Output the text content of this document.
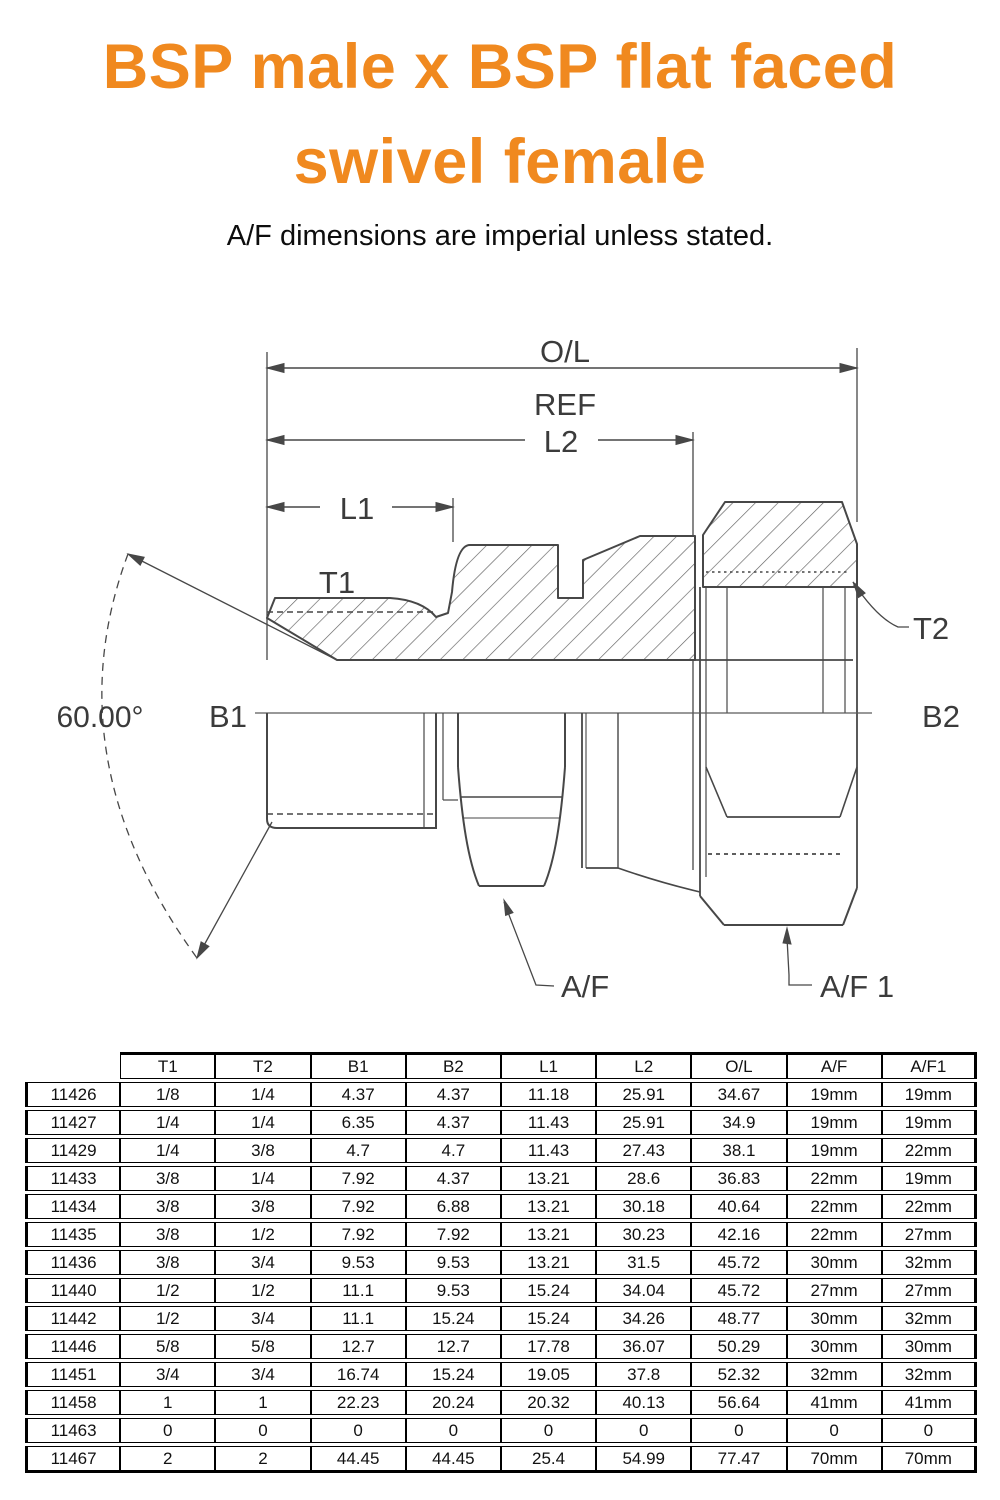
BSP male x BSP flat faced
swivel female
A/F dimensions are imperial unless stated.
O/L
REF
L2
L1
T1
T2
B1	B2
60.00°
A/F	A/F 1
	T1	T2	B1	B2	L1	L2	O/L	A/F	A/F1
11426	1/8	1/4	4.37	4.37	11.18	25.91	34.67	19mm	19mm
11427	1/4	1/4	6.35	4.37	11.43	25.91	34.9	19mm	19mm
11429	1/4	3/8	4.7	4.7	11.43	27.43	38.1	19mm	22mm
11433	3/8	1/4	7.92	4.37	13.21	28.6	36.83	22mm	19mm
11434	3/8	3/8	7.92	6.88	13.21	30.18	40.64	22mm	22mm
11435	3/8	1/2	7.92	7.92	13.21	30.23	42.16	22mm	27mm
11436	3/8	3/4	9.53	9.53	13.21	31.5	45.72	30mm	32mm
11440	1/2	1/2	11.1	9.53	15.24	34.04	45.72	27mm	27mm
11442	1/2	3/4	11.1	15.24	15.24	34.26	48.77	30mm	32mm
11446	5/8	5/8	12.7	12.7	17.78	36.07	50.29	30mm	30mm
11451	3/4	3/4	16.74	15.24	19.05	37.8	52.32	32mm	32mm
11458	1	1	22.23	20.24	20.32	40.13	56.64	41mm	41mm
11463	0	0	0	0	0	0	0	0	0
11467	2	2	44.45	44.45	25.4	54.99	77.47	70mm	70mm
